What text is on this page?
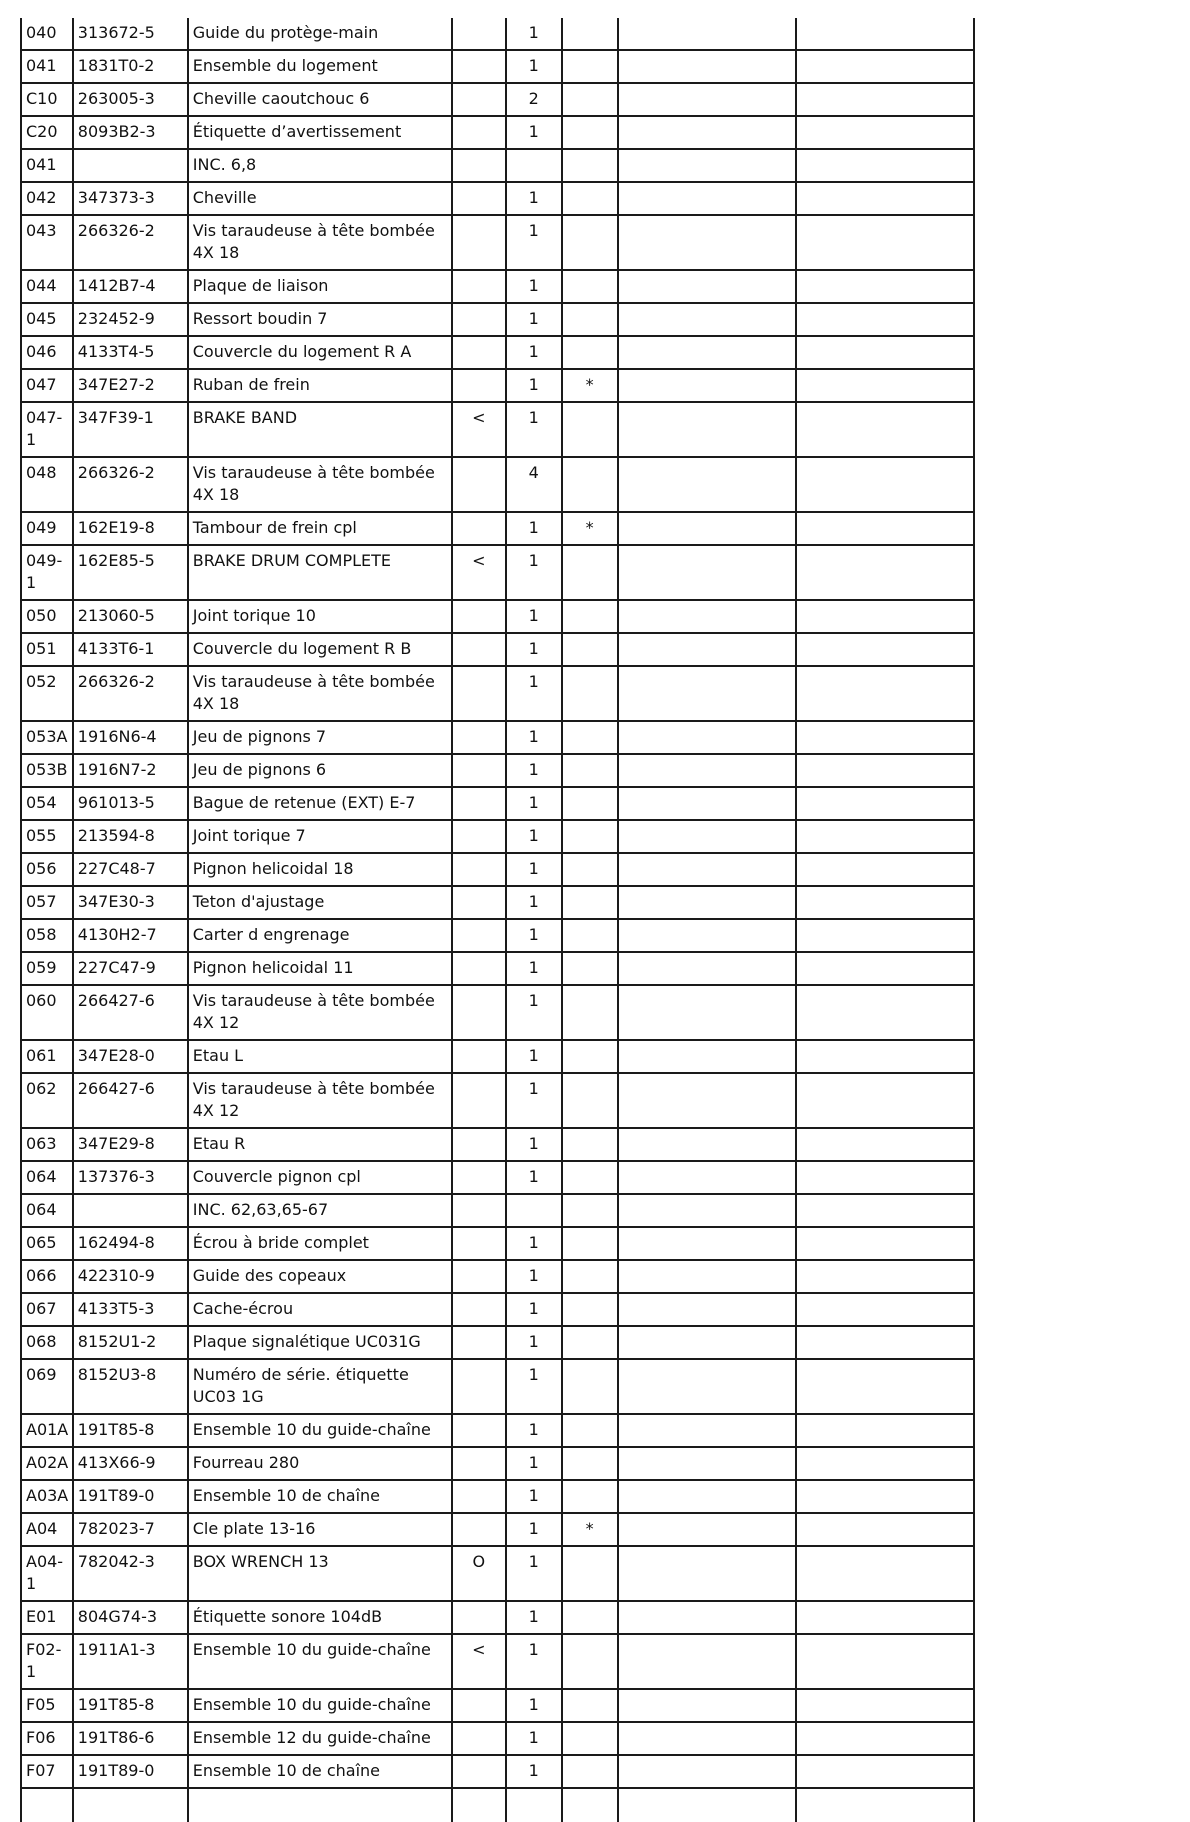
040	313672-5	Guide du protège-main		1			
041	1831T0-2	Ensemble du logement		1			
C10	263005-3	Cheville caoutchouc 6		2			
C20	8093B2-3	Étiquette d’avertissement		1			
041		INC. 6,8					
042	347373-3	Cheville		1			
043	266326-2	Vis taraudeuse à tête bombée 4X 18		1			
044	1412B7-4	Plaque de liaison		1			
045	232452-9	Ressort boudin 7		1			
046	4133T4-5	Couvercle du logement R A		1			
047	347E27-2	Ruban de frein		1	*		
047-1	347F39-1	BRAKE BAND	<	1			
048	266326-2	Vis taraudeuse à tête bombée 4X 18		4			
049	162E19-8	Tambour de frein cpl		1	*		
049-1	162E85-5	BRAKE DRUM COMPLETE	<	1			
050	213060-5	Joint torique 10		1			
051	4133T6-1	Couvercle du logement R B		1			
052	266326-2	Vis taraudeuse à tête bombée 4X 18		1			
053A	1916N6-4	Jeu de pignons 7		1			
053B	1916N7-2	Jeu de pignons 6		1			
054	961013-5	Bague de retenue (EXT) E-7		1			
055	213594-8	Joint torique 7		1			
056	227C48-7	Pignon helicoidal 18		1			
057	347E30-3	Teton d'ajustage		1			
058	4130H2-7	Carter d engrenage		1			
059	227C47-9	Pignon helicoidal 11		1			
060	266427-6	Vis taraudeuse à tête bombée 4X 12		1			
061	347E28-0	Etau L		1			
062	266427-6	Vis taraudeuse à tête bombée 4X 12		1			
063	347E29-8	Etau R		1			
064	137376-3	Couvercle pignon cpl		1			
064		INC. 62,63,65-67					
065	162494-8	Écrou à bride complet		1			
066	422310-9	Guide des copeaux		1			
067	4133T5-3	Cache-écrou		1			
068	8152U1-2	Plaque signalétique UC031G		1			
069	8152U3-8	Numéro de série. étiquette UC03 1G		1			
A01A	191T85-8	Ensemble 10 du guide-chaîne		1			
A02A	413X66-9	Fourreau 280		1			
A03A	191T89-0	Ensemble 10 de chaîne		1			
A04	782023-7	Cle plate 13-16		1	*		
A04-1	782042-3	BOX WRENCH 13	O	1			
E01	804G74-3	Étiquette sonore 104dB		1			
F02-1	1911A1-3	Ensemble 10 du guide-chaîne	<	1			
F05	191T85-8	Ensemble 10 du guide-chaîne		1			
F06	191T86-6	Ensemble 12 du guide-chaîne		1			
F07	191T89-0	Ensemble 10 de chaîne		1			
